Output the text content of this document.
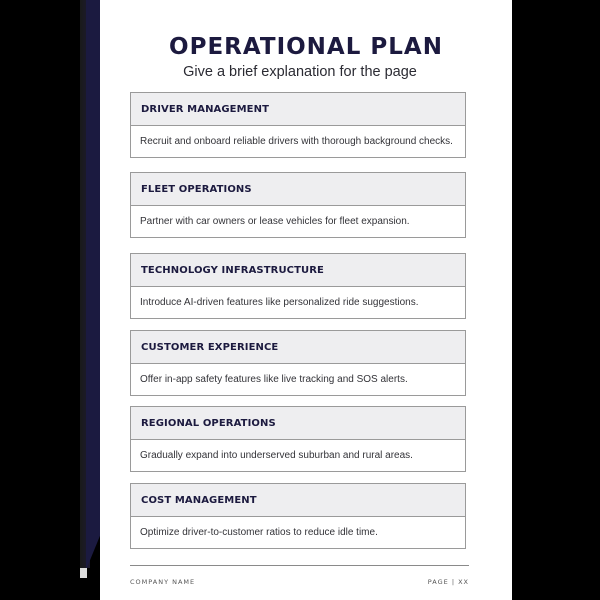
OPERATIONAL PLAN
Give a brief explanation for the page
DRIVER MANAGEMENT
Recruit and onboard reliable drivers with thorough background checks.
FLEET OPERATIONS
Partner with car owners or lease vehicles for fleet expansion.
TECHNOLOGY INFRASTRUCTURE
Introduce AI-driven features like personalized ride suggestions.
CUSTOMER EXPERIENCE
Offer in-app safety features like live tracking and SOS alerts.
REGIONAL OPERATIONS
Gradually expand into underserved suburban and rural areas.
COST MANAGEMENT
Optimize driver-to-customer ratios to reduce idle time.
COMPANY NAME	PAGE | XX
